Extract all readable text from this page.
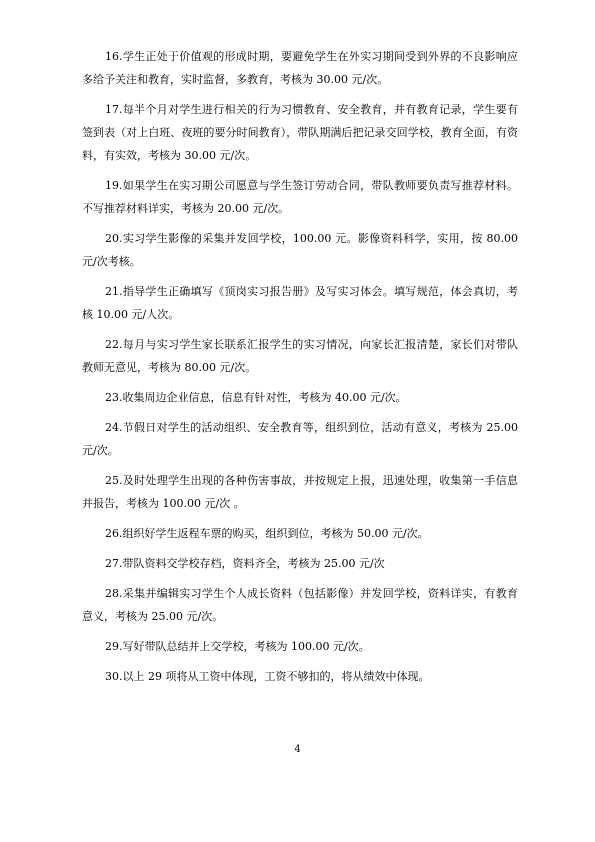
16.学生正处于价值观的形成时期，要避免学生在外实习期间受到外界的不良影响应多给予关注和教育，实时监督，多教育，考核为 30.00 元/次。

17.每半个月对学生进行相关的行为习惯教育、安全教育，并有教育记录，学生要有签到表（对上白班、夜班的要分时间教育），带队期满后把记录交回学校，教育全面，有资料，有实效，考核为 30.00 元/次。

19.如果学生在实习期公司愿意与学生签订劳动合同，带队教师要负责写推荐材料。不写推荐材料详实，考核为 20.00 元/次。

20.实习学生影像的采集并发回学校，100.00 元。影像资料科学，实用，按 80.00 元/次考核。

21.指导学生正确填写《顶岗实习报告册》及写实习体会。填写规范，体会真切，考核 10.00 元/人次。

22.每月与实习学生家长联系汇报学生的实习情况，向家长汇报清楚，家长们对带队教师无意见，考核为 80.00 元/次。

23.收集周边企业信息，信息有针对性，考核为 40.00 元/次。

24.节假日对学生的活动组织、安全教育等，组织到位，活动有意义，考核为 25.00 元/次。

25.及时处理学生出现的各种伤害事故，并按规定上报，迅速处理，收集第一手信息并报告，考核为 100.00 元/次 。

26.组织好学生返程车票的购买，组织到位，考核为 50.00 元/次。

27.带队资料交学校存档，资料齐全，考核为 25.00 元/次

28.采集并编辑实习学生个人成长资料（包括影像）并发回学校，资料详实，有教育意义，考核为 25.00 元/次。

29.写好带队总结并上交学校，考核为 100.00 元/次。

30.以上 29 项将从工资中体现，工资不够扣的，将从绩效中体现。

4
